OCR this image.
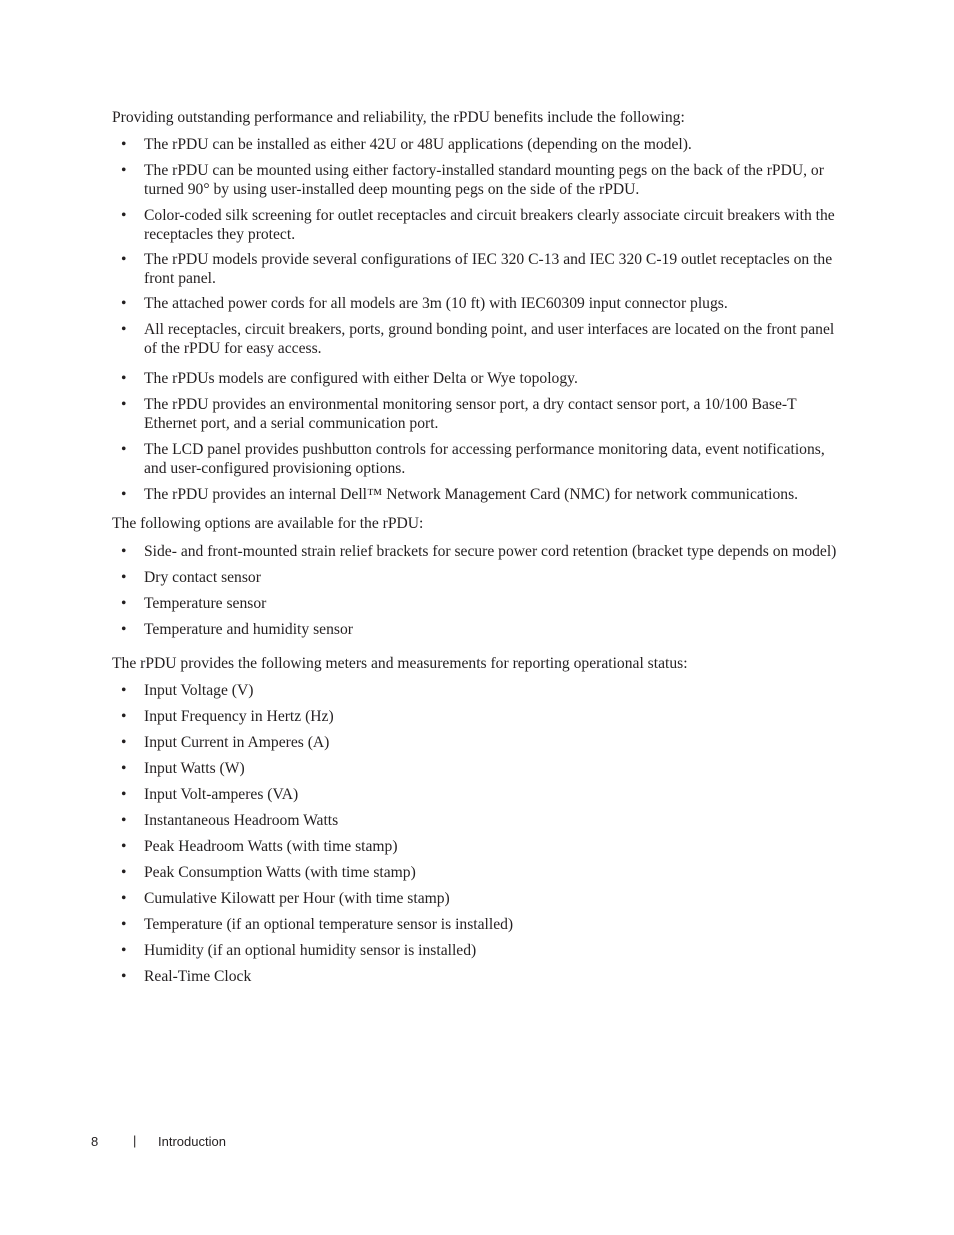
Providing outstanding performance and reliability, the rPDU benefits include the following:

• The rPDU can be installed as either 42U or 48U applications (depending on the model).
• The rPDU can be mounted using either factory-installed standard mounting pegs on the back of the rPDU, or turned 90° by using user-installed deep mounting pegs on the side of the rPDU.
• Color-coded silk screening for outlet receptacles and circuit breakers clearly associate circuit breakers with the receptacles they protect.
• The rPDU models provide several configurations of IEC 320 C-13 and IEC 320 C-19 outlet receptacles on the front panel.
• The attached power cords for all models are 3m (10 ft) with IEC60309 input connector plugs.
• All receptacles, circuit breakers, ports, ground bonding point, and user interfaces are located on the front panel of the rPDU for easy access.
• The rPDUs models are configured with either Delta or Wye topology.
• The rPDU provides an environmental monitoring sensor port, a dry contact sensor port, a 10/100 Base-T Ethernet port, and a serial communication port.
• The LCD panel provides pushbutton controls for accessing performance monitoring data, event notifications, and user-configured provisioning options.
• The rPDU provides an internal Dell™ Network Management Card (NMC) for network communications.

The following options are available for the rPDU:

• Side- and front-mounted strain relief brackets for secure power cord retention (bracket type depends on model)
• Dry contact sensor
• Temperature sensor
• Temperature and humidity sensor

The rPDU provides the following meters and measurements for reporting operational status:

• Input Voltage (V)
• Input Frequency in Hertz (Hz)
• Input Current in Amperes (A)
• Input Watts (W)
• Input Volt-amperes (VA)
• Instantaneous Headroom Watts
• Peak Headroom Watts (with time stamp)
• Peak Consumption Watts (with time stamp)
• Cumulative Kilowatt per Hour (with time stamp)
• Temperature (if an optional temperature sensor is installed)
• Humidity (if an optional humidity sensor is installed)
• Real-Time Clock
8	| Introduction
